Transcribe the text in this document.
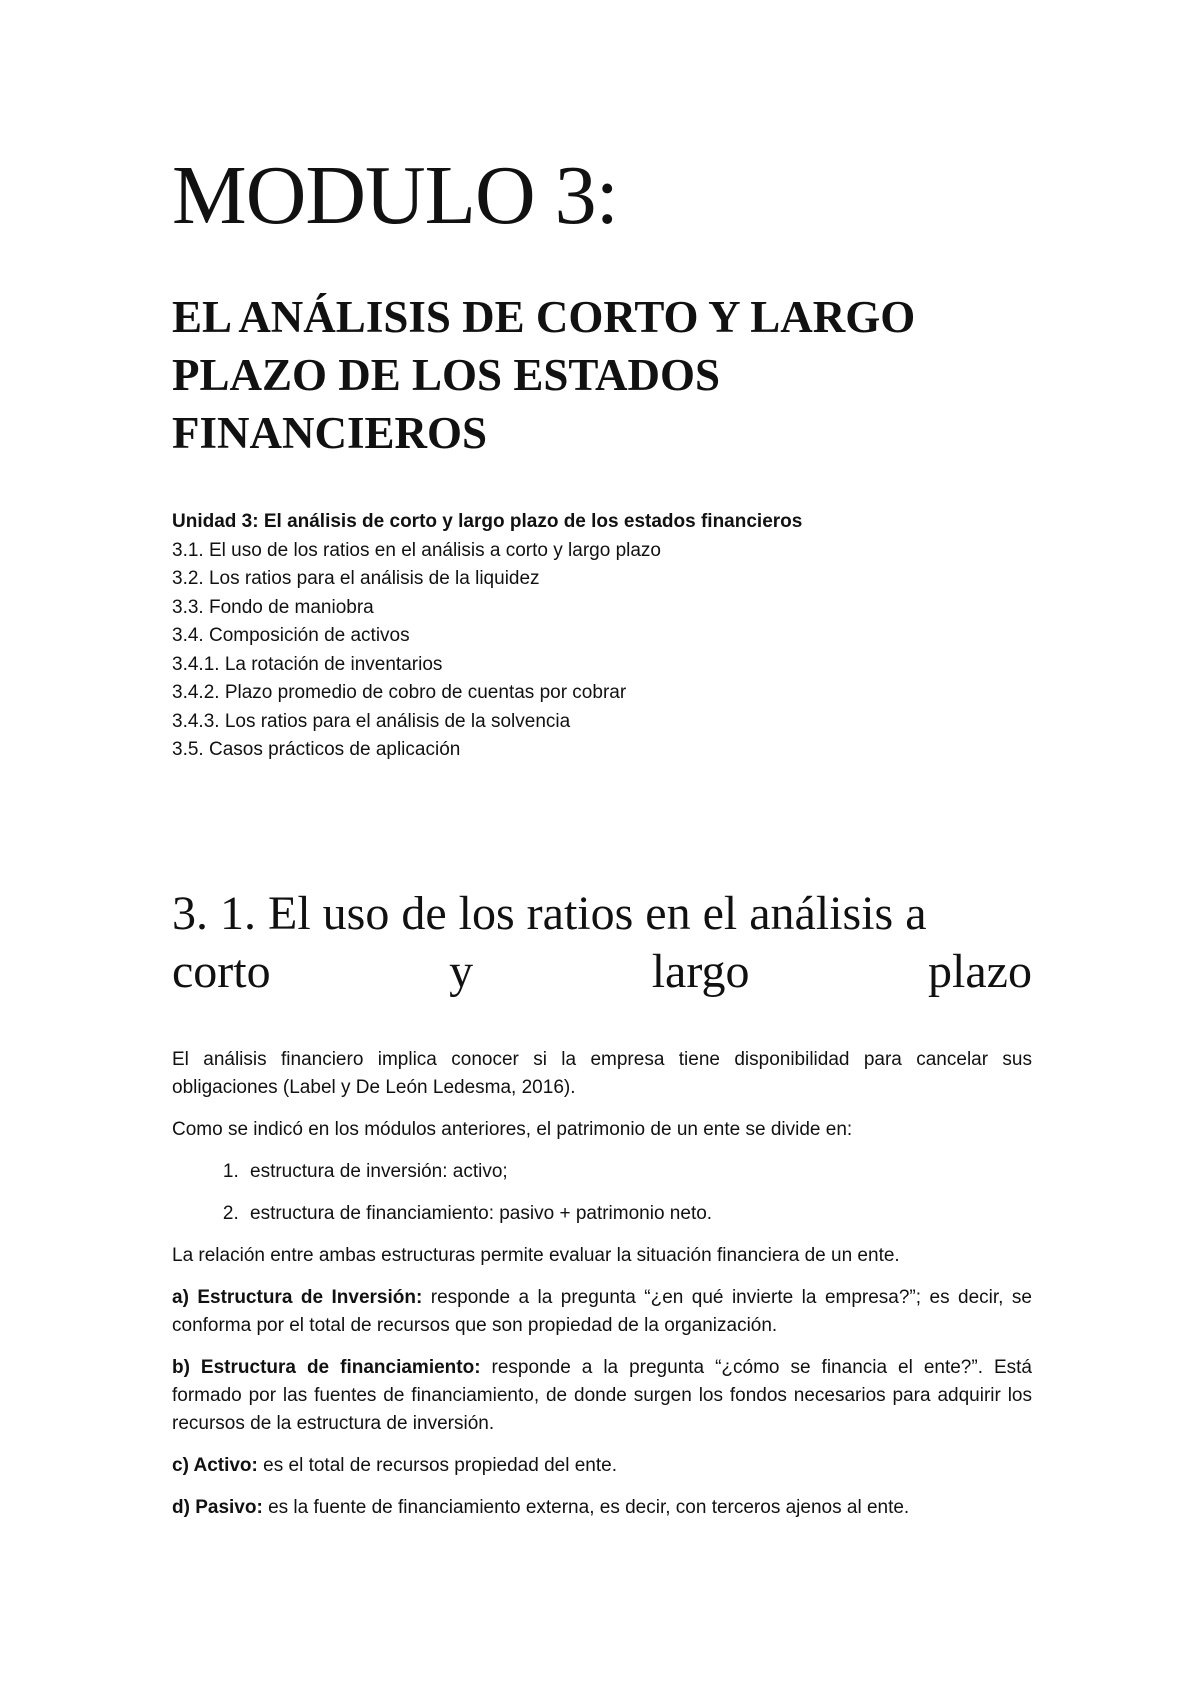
MODULO 3:
EL ANÁLISIS DE CORTO Y LARGO PLAZO DE LOS ESTADOS FINANCIEROS
Unidad 3: El análisis de corto y largo plazo de los estados financieros
3.1. El uso de los ratios en el análisis a corto y largo plazo
3.2. Los ratios para el análisis de la liquidez
3.3. Fondo de maniobra
3.4. Composición de activos
3.4.1. La rotación de inventarios
3.4.2. Plazo promedio de cobro de cuentas por cobrar
3.4.3. Los ratios para el análisis de la solvencia
3.5. Casos prácticos de aplicación
3. 1. El uso de los ratios en el análisis a
corto	y	largo	plazo

El análisis financiero implica conocer si la empresa tiene disponibilidad para cancelar sus obligaciones (Label y De León Ledesma, 2016).

Como se indicó en los módulos anteriores, el patrimonio de un ente se divide en:

1. estructura de inversión: activo;
2. estructura de financiamiento: pasivo + patrimonio neto.

La relación entre ambas estructuras permite evaluar la situación financiera de un ente.

a) Estructura de Inversión: responde a la pregunta “¿en qué invierte la empresa?”; es decir, se conforma por el total de recursos que son propiedad de la organización.

b) Estructura de financiamiento: responde a la pregunta “¿cómo se financia el ente?”. Está formado por las fuentes de financiamiento, de donde surgen los fondos necesarios para adquirir los recursos de la estructura de inversión.

c) Activo: es el total de recursos propiedad del ente.

d) Pasivo: es la fuente de financiamiento externa, es decir, con terceros ajenos al ente.
